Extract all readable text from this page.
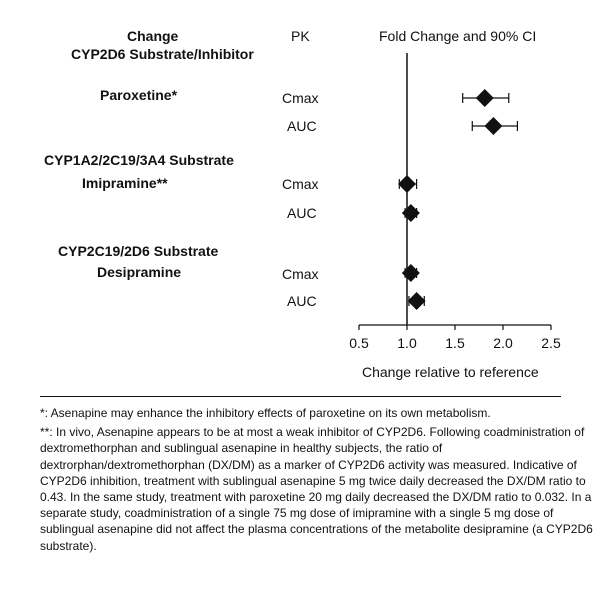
Change
CYP2D6 Substrate/Inhibitor
PK	Fold Change and 90% CI
Paroxetine*
CYP1A2/2C19/3A4 Substrate
Imipramine**
CYP2C19/2D6 Substrate
Desipramine
Cmax
AUC
Cmax
AUC
Cmax
AUC
0.5 1.0 1.5 2.0 2.5
Change relative to reference

*: Asenapine may enhance the inhibitory effects of paroxetine on its own metabolism.

**: In vivo, Asenapine appears to be at most a weak inhibitor of CYP2D6. Following coadministration of dextromethorphan and sublingual asenapine in healthy subjects, the ratio of dextrorphan/dextromethorphan (DX/DM) as a marker of CYP2D6 activity was measured. Indicative of CYP2D6 inhibition, treatment with sublingual asenapine 5 mg twice daily decreased the DX/DM ratio to 0.43. In the same study, treatment with paroxetine 20 mg daily decreased the DX/DM ratio to 0.032. In a separate study, coadministration of a single 75 mg dose of imipramine with a single 5 mg dose of sublingual asenapine did not affect the plasma concentrations of the metabolite desipramine (a CYP2D6 substrate).
